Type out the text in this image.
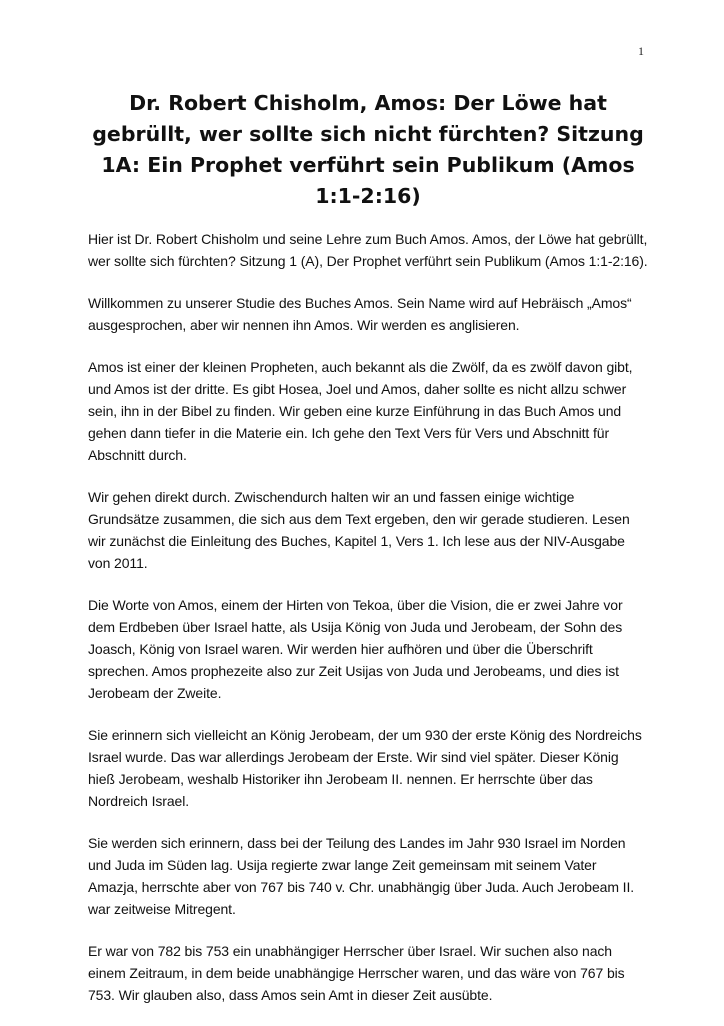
1
Dr. Robert Chisholm, Amos: Der Löwe hat gebrüllt, wer sollte sich nicht fürchten? Sitzung 1A: Ein Prophet verführt sein Publikum (Amos 1:1-2:16)

Hier ist Dr. Robert Chisholm und seine Lehre zum Buch Amos. Amos, der Löwe hat gebrüllt, wer sollte sich fürchten? Sitzung 1 (A), Der Prophet verführt sein Publikum (Amos 1:1-2:16).

Willkommen zu unserer Studie des Buches Amos. Sein Name wird auf Hebräisch „Amos“ ausgesprochen, aber wir nennen ihn Amos. Wir werden es anglisieren.

Amos ist einer der kleinen Propheten, auch bekannt als die Zwölf, da es zwölf davon gibt, und Amos ist der dritte. Es gibt Hosea, Joel und Amos, daher sollte es nicht allzu schwer sein, ihn in der Bibel zu finden. Wir geben eine kurze Einführung in das Buch Amos und gehen dann tiefer in die Materie ein. Ich gehe den Text Vers für Vers und Abschnitt für Abschnitt durch.

Wir gehen direkt durch. Zwischendurch halten wir an und fassen einige wichtige Grundsätze zusammen, die sich aus dem Text ergeben, den wir gerade studieren. Lesen wir zunächst die Einleitung des Buches, Kapitel 1, Vers 1. Ich lese aus der NIV-Ausgabe von 2011.

Die Worte von Amos, einem der Hirten von Tekoa, über die Vision, die er zwei Jahre vor dem Erdbeben über Israel hatte, als Usija König von Juda und Jerobeam, der Sohn des Joasch, König von Israel waren. Wir werden hier aufhören und über die Überschrift sprechen. Amos prophezeite also zur Zeit Usijas von Juda und Jerobeams, und dies ist Jerobeam der Zweite.

Sie erinnern sich vielleicht an König Jerobeam, der um 930 der erste König des Nordreichs Israel wurde. Das war allerdings Jerobeam der Erste. Wir sind viel später. Dieser König hieß Jerobeam, weshalb Historiker ihn Jerobeam II. nennen. Er herrschte über das Nordreich Israel.

Sie werden sich erinnern, dass bei der Teilung des Landes im Jahr 930 Israel im Norden und Juda im Süden lag. Usija regierte zwar lange Zeit gemeinsam mit seinem Vater Amazja, herrschte aber von 767 bis 740 v. Chr. unabhängig über Juda. Auch Jerobeam II. war zeitweise Mitregent.

Er war von 782 bis 753 ein unabhängiger Herrscher über Israel. Wir suchen also nach einem Zeitraum, in dem beide unabhängige Herrscher waren, und das wäre von 767 bis 753. Wir glauben also, dass Amos sein Amt in dieser Zeit ausübte.
